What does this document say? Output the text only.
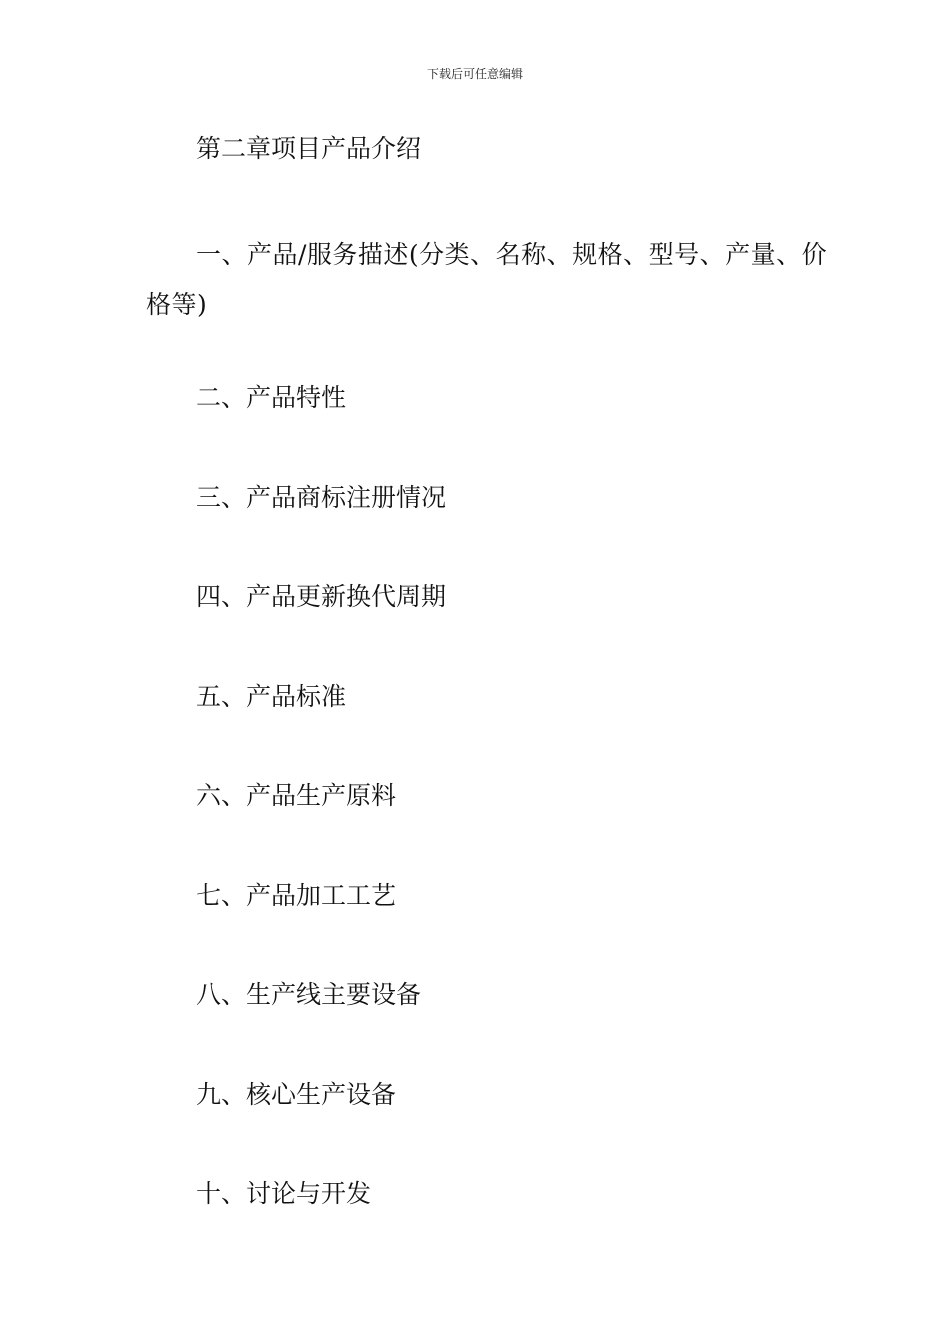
下载后可任意编辑
第二章项目产品介绍
一、产品/服务描述(分类、名称、规格、型号、产量、价格等)
二、产品特性
三、产品商标注册情况
四、产品更新换代周期
五、产品标准
六、产品生产原料
七、产品加工工艺
八、生产线主要设备
九、核心生产设备
十、讨论与开发
